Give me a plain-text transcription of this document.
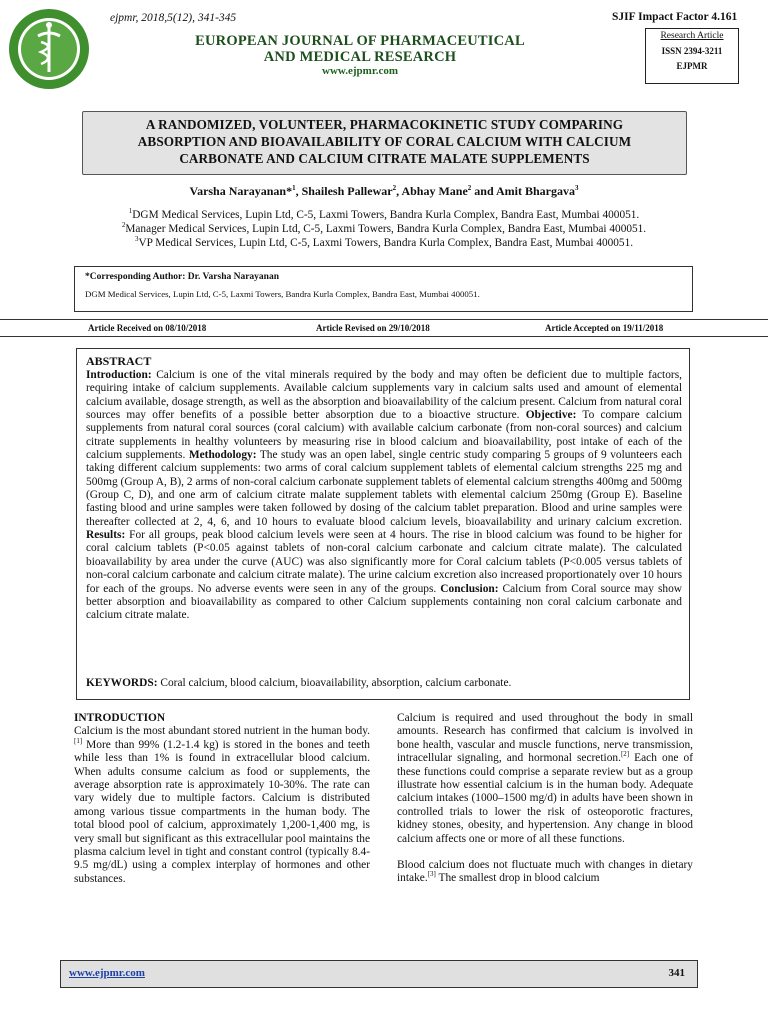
ejpmr, 2018,5(12), 341-345
EUROPEAN JOURNAL OF PHARMACEUTICAL
AND MEDICAL RESEARCH
www.ejpmr.com
SJIF Impact Factor 4.161
Research Article
ISSN 2394-3211
EJPMR
A RANDOMIZED, VOLUNTEER, PHARMACOKINETIC STUDY COMPARING
ABSORPTION AND BIOAVAILABILITY OF CORAL CALCIUM WITH CALCIUM
CARBONATE AND CALCIUM CITRATE MALATE SUPPLEMENTS
Varsha Narayanan*$^1$, Shailesh Pallewar$^2$, Abhay Mane$^2$ and Amit Bhargava$^3$
$^1$DGM Medical Services, Lupin Ltd, C-5, Laxmi Towers, Bandra Kurla Complex, Bandra East, Mumbai 400051.
$^2$Manager Medical Services, Lupin Ltd, C-5, Laxmi Towers, Bandra Kurla Complex, Bandra East, Mumbai 400051.
$^3$VP Medical Services, Lupin Ltd, C-5, Laxmi Towers, Bandra Kurla Complex, Bandra East, Mumbai 400051.
*Corresponding Author: Dr. Varsha Narayanan
DGM Medical Services, Lupin Ltd, C-5, Laxmi Towers, Bandra Kurla Complex, Bandra East, Mumbai 400051.
Article Received on 08/10/2018	Article Revised on 29/10/2018	Article Accepted on 19/11/2018
ABSTRACT
Introduction: Calcium is one of the vital minerals required by the body and may often be deficient due to multiple factors, requiring intake of calcium supplements. Available calcium supplements vary in calcium salts used and amount of elemental calcium available, dosage strength, as well as the absorption and bioavailability of the calcium present. Calcium from natural coral sources may offer benefits of a possible better absorption due to a bioactive structure. Objective: To compare calcium supplements from natural coral sources (coral calcium) with available calcium carbonate (from non-coral sources) and calcium citrate supplements in healthy volunteers by measuring rise in blood calcium and bioavailability, post intake of each of the calcium supplements. Methodology: The study was an open label, single centric study comparing 5 groups of 9 volunteers each taking different calcium supplements: two arms of coral calcium supplement tablets of elemental calcium strengths 225 mg and 500mg (Group A, B), 2 arms of non-coral calcium carbonate supplement tablets of elemental calcium strengths 400mg and 500mg (Group C, D), and one arm of calcium citrate malate supplement tablets with elemental calcium 250mg (Group E). Baseline fasting blood and urine samples were taken followed by dosing of the calcium tablet preparation. Blood and urine samples were thereafter collected at 2, 4, 6, and 10 hours to evaluate blood calcium levels, bioavailability and urinary calcium excretion. Results: For all groups, peak blood calcium levels were seen at 4 hours. The rise in blood calcium was found to be higher for coral calcium tablets (P<0.05 against tablets of non-coral calcium carbonate and calcium citrate malate). The calculated bioavailability by area under the curve (AUC) was also significantly more for Coral calcium tablets (P<0.005 versus tablets of non-coral calcium carbonate and calcium citrate malate). The urine calcium excretion also increased proportionately over 10 hours for each of the groups. No adverse events were seen in any of the groups. Conclusion: Calcium from Coral source may show better absorption and bioavailability as compared to other Calcium supplements containing non coral calcium carbonate and calcium citrate malate.
KEYWORDS: Coral calcium, blood calcium, bioavailability, absorption, calcium carbonate.
INTRODUCTION

Calcium is the most abundant stored nutrient in the human body.[1] More than 99% (1.2-1.4 kg) is stored in the bones and teeth while less than 1% is found in extracellular blood calcium. When adults consume calcium as food or supplements, the average absorption rate is approximately 10-30%. The rate can vary widely due to multiple factors. Calcium is distributed among various tissue compartments in the human body. The total blood pool of calcium, approximately 1,200-1,400 mg, is very small but significant as this extracellular pool maintains the plasma calcium level in tight and constant control (typically 8.4-9.5 mg/dL) using a complex interplay of hormones and other substances.

Calcium is required and used throughout the body in small amounts. Research has confirmed that calcium is involved in bone health, vascular and muscle functions, nerve transmission, intracellular signaling, and hormonal secretion.[2] Each one of these functions could comprise a separate review but as a group illustrate how essential calcium is in the human body. Adequate calcium intakes (1000–1500 mg/d) in adults have been shown in controlled trials to lower the risk of osteoporotic fractures, kidney stones, obesity, and hypertension. Any change in blood calcium affects one or more of all these functions.

Blood calcium does not fluctuate much with changes in dietary intake.[3] The smallest drop in blood calcium

www.ejpmr.com	341
